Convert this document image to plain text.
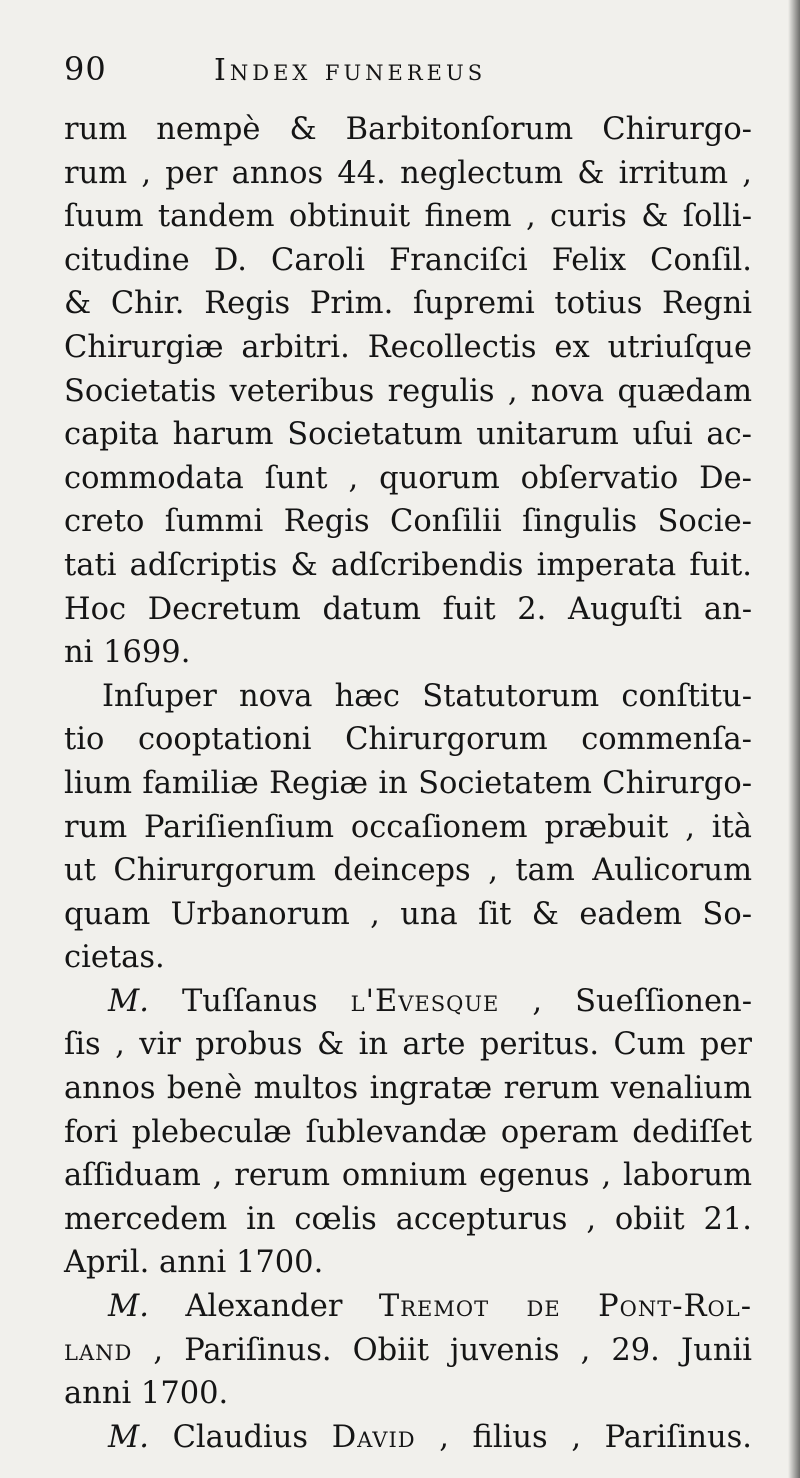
90	Index funereus
rum nempè & Barbitonſorum Chirurgo-
rum , per annos 44. neglectum & irritum ,
ſuum tandem obtinuit finem , curis & ſolli-
citudine D. Caroli Franciſci Felix Conſil.
& Chir. Regis Prim. ſupremi totius Regni
Chirurgiæ arbitri. Recollectis ex utriuſque
Societatis veteribus regulis , nova quædam
capita harum Societatum unitarum uſui ac-
commodata ſunt , quorum obſervatio De-
creto ſummi Regis Conſilii ſingulis Socie-
tati adſcriptis & adſcribendis imperata fuit.
Hoc Decretum datum fuit 2. Auguſti an-
ni 1699.
Inſuper nova hæc Statutorum conſtitu-
tio cooptationi Chirurgorum commenſa-
lium familiæ Regiæ in Societatem Chirurgo-
rum Pariſienſium occaſionem præbuit , ità
ut Chirurgorum deinceps , tam Aulicorum
quam Urbanorum , una ſit & eadem So-
cietas.
M. Tuſſanus l'Evesque , Sueſſionen-
ſis , vir probus & in arte peritus. Cum per
annos benè multos ingratæ rerum venalium
fori plebeculæ ſublevandæ operam dediſſet
aſſiduam , rerum omnium egenus , laborum
mercedem in cœlis accepturus , obiit 21.
April. anni 1700.
M. Alexander Tremot de Pont-Rol-
land , Pariſinus. Obiit juvenis , 29. Junii
anni 1700.
M. Claudius David , filius , Pariſinus.
